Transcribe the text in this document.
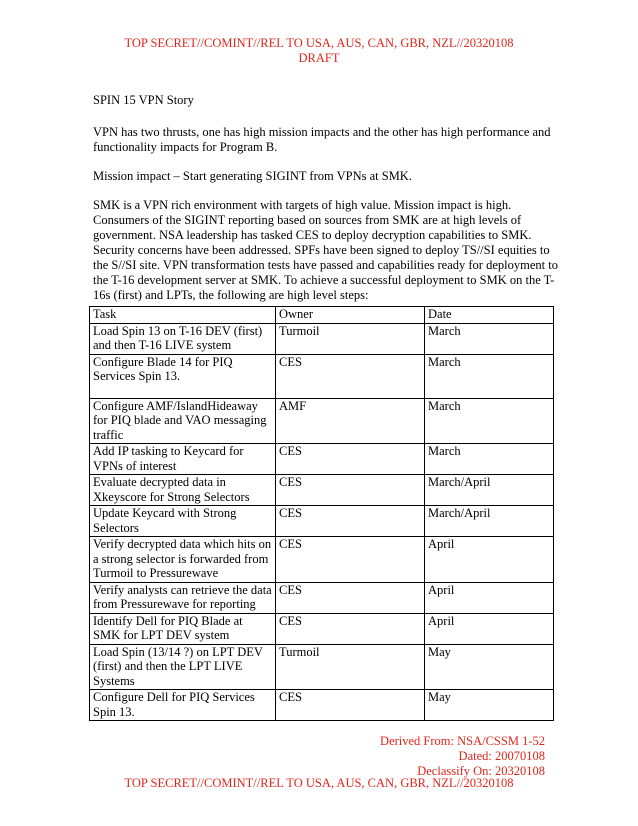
TOP SECRET//COMINT//REL TO USA, AUS, CAN, GBR, NZL//20320108
DRAFT

SPIN 15 VPN Story

VPN has two thrusts, one has high mission impacts and the other has high performance and functionality impacts for Program B.

Mission impact – Start generating SIGINT from VPNs at SMK.

SMK is a VPN rich environment with targets of high value. Mission impact is high. Consumers of the SIGINT reporting based on sources from SMK are at high levels of government. NSA leadership has tasked CES to deploy decryption capabilities to SMK. Security concerns have been addressed. SPFs have been signed to deploy TS//SI equities to the S//SI site. VPN transformation tests have passed and capabilities ready for deployment to the T-16 development server at SMK. To achieve a successful deployment to SMK on the T-16s (first) and LPTs, the following are high level steps:

Task	Owner	Date
Load Spin 13 on T-16 DEV (first) and then T-16 LIVE system	Turmoil	March
Configure Blade 14 for PIQ Services Spin 13.	CES	March
Configure AMF/IslandHideaway for PIQ blade and VAO messaging traffic	AMF	March
Add IP tasking to Keycard for VPNs of interest	CES	March
Evaluate decrypted data in Xkeyscore for Strong Selectors	CES	March/April
Update Keycard with Strong Selectors	CES	March/April
Verify decrypted data which hits on a strong selector is forwarded from Turmoil to Pressurewave	CES	April
Verify analysts can retrieve the data from Pressurewave for reporting	CES	April
Identify Dell for PIQ Blade at SMK for LPT DEV system	CES	April
Load Spin (13/14 ?) on LPT DEV (first) and then the LPT LIVE Systems	Turmoil	May
Configure Dell for PIQ Services Spin 13.	CES	May
Derived From: NSA/CSSM 1-52
Dated: 20070108
Declassify On: 20320108
TOP SECRET//COMINT//REL TO USA, AUS, CAN, GBR, NZL//20320108
